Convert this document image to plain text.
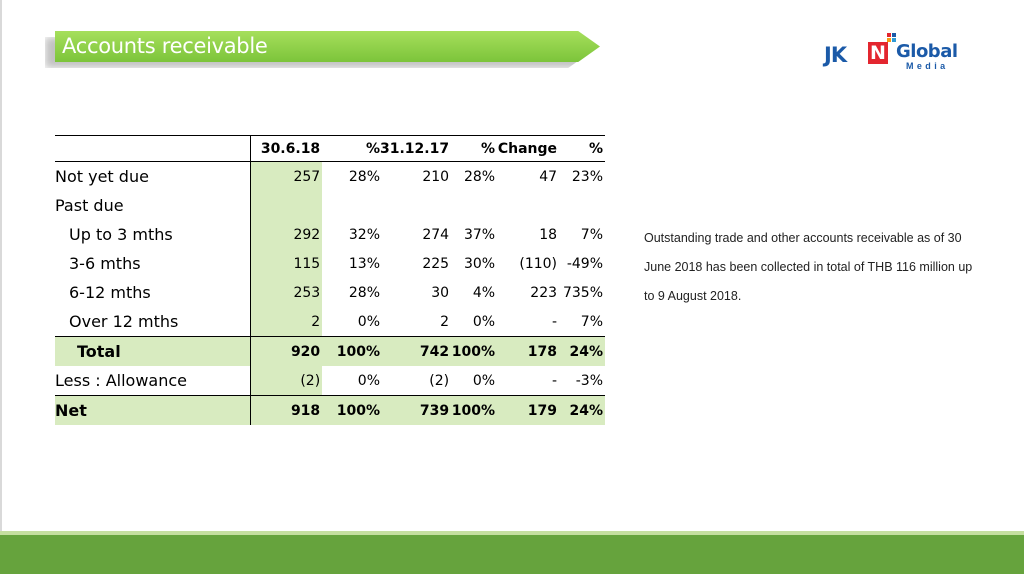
Accounts receivable	JK N Global
Media
	30.6.18	%	31.12.17	%	Change	%
Not yet due	257	28%	210	28%	47	23%
Past due						
Up to 3 mths	292	32%	274	37%	18	7%
3-6 mths	115	13%	225	30%	(110)	-49%
6-12 mths	253	28%	30	4%	223	735%
Over 12 mths	2	0%	2	0%	-	7%
Total	920	100%	742	100%	178	24%
Less : Allowance	(2)	0%	(2)	0%	-	-3%
Net	918	100%	739	100%	179	24%
Outstanding trade and other accounts receivable as of 30 June 2018 has been collected in total of THB 116 million up to 9 August 2018.
